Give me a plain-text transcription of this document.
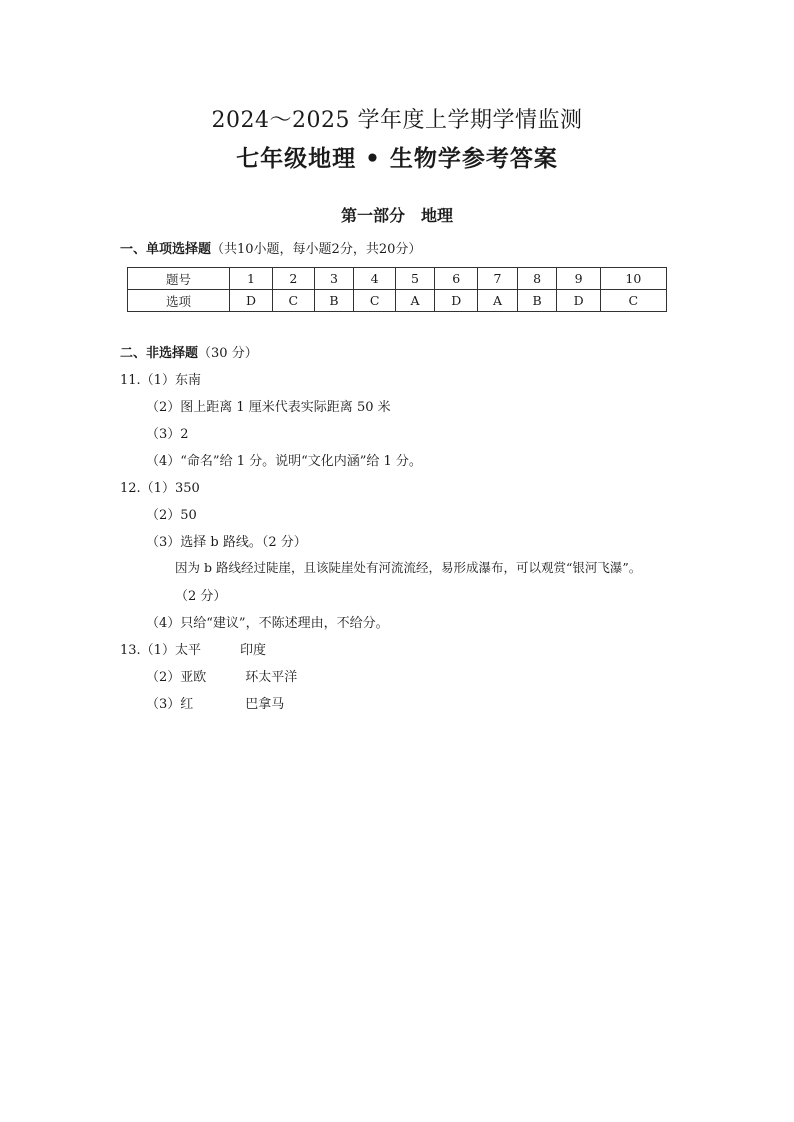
2024～2025 学年度上学期学情监测
七年级地理 • 生物学参考答案
第一部分　地理
一、单项选择题（共10小题，每小题2分，共20分）
题号	1	2	3	4	5	6	7	8	9	10
选项	D	C	B	C	A	D	A	B	D	C
二、非选择题（30 分）
11.（1）东南
（2）图上距离 1 厘米代表实际距离 50 米
（3）2
（4）“命名”给 1 分。说明“文化内涵”给 1 分。
12.（1）350
（2）50
（3）选择 b 路线。（2 分）
因为 b 路线经过陡崖，且该陡崖处有河流流经，易形成瀑布，可以观赏“银河飞瀑”。
（2 分）
（4）只给“建议”，不陈述理由，不给分。
13.（1）太平　　　印度
（2）亚欧　　　环太平洋
（3）红　　　　巴拿马
